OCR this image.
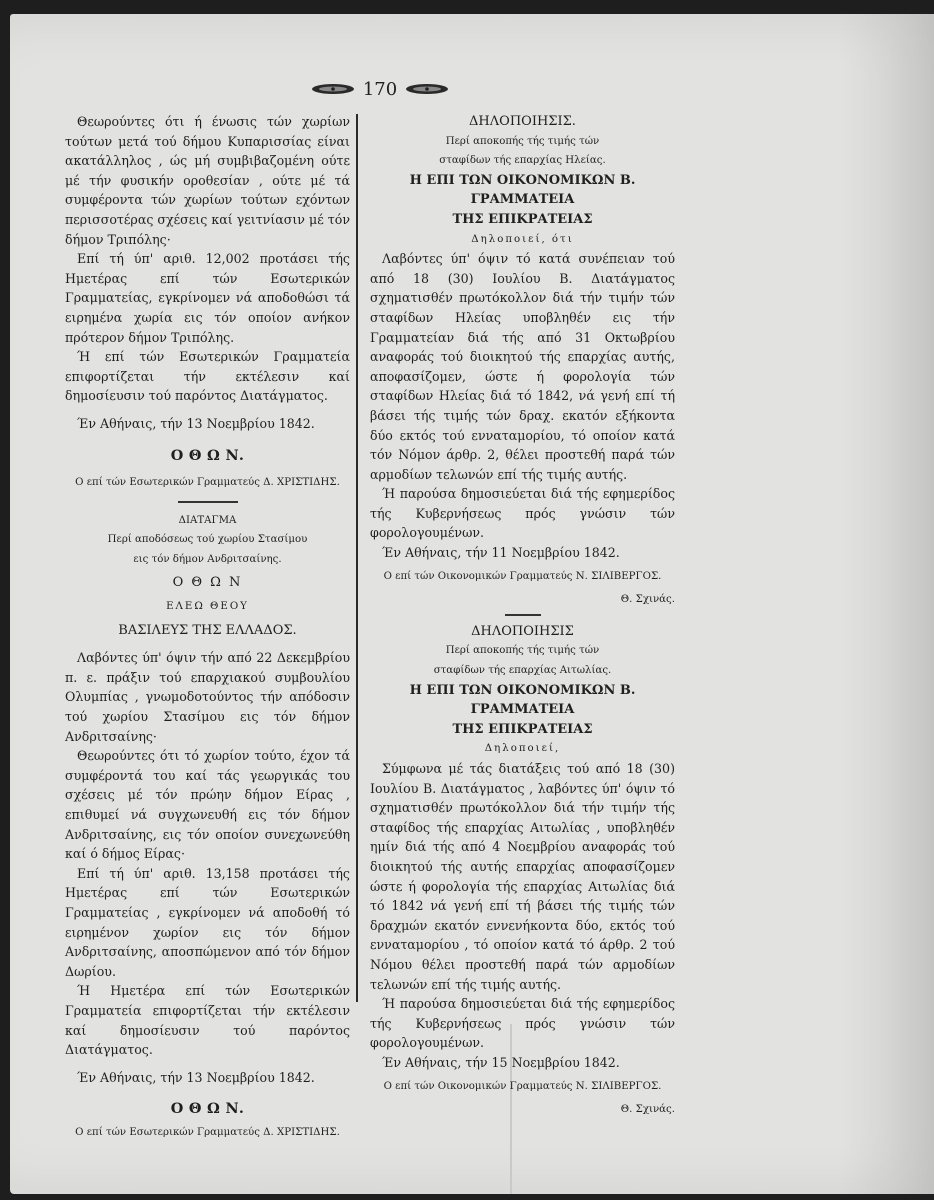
170

Θεωρούντες ότι ή ένωσις τών χωρίων τούτων μετά τού δήμου Κυπαρισσίας είναι ακατάλληλος , ώς μή συμβιβαζομένη ούτε μέ τήν φυσικήν οροθεσίαν , ούτε μέ τά συμφέροντα τών χωρίων τούτων εχόντων περισσοτέρας σχέσεις καί γειτνίασιν μέ τόν δήμον Τριπόλης·

Επί τή ύπ' αριθ. 12,002 προτάσει τής Ημετέρας επί τών Εσωτερικών Γραμματείας, εγκρίνομεν νά αποδοθώσι τά ειρημένα χωρία εις τόν οποίον ανήκον πρότερον δήμον Τριπόλης.

Ή επί τών Εσωτερικών Γραμματεία επιφορτίζεται τήν εκτέλεσιν καί δημοσίευσιν τού παρόντος Διατάγματος.

Έν Αθήναις, τήν 13 Νοεμβρίου 1842.

Ο Θ Ω Ν.

Ο επί τών Εσωτερικών Γραμματεύς Δ. ΧΡΙΣΤΙΔΗΣ.

ΔΙΑΤΑΓΜΑ

Περί αποδόσεως τού χωρίου Στασίμου εις τόν δήμον Ανδριτσαίνης.

Ο Θ Ω Ν

ΕΛΕΩ ΘΕΟΥ

ΒΑΣΙΛΕΥΣ ΤΗΣ ΕΛΛΑΔΟΣ.

Λαβόντες ύπ' όψιν τήν από 22 Δεκεμβρίου π. ε. πράξιν τού επαρχιακού συμβουλίου Ολυμπίας , γνωμοδοτούντος τήν απόδοσιν τού χωρίου Στασίμου εις τόν δήμον Ανδριτσαίνης·

Θεωρούντες ότι τό χωρίον τούτο, έχον τά συμφέροντά του καί τάς γεωργικάς του σχέσεις μέ τόν πρώην δήμον Είρας , επιθυμεί νά συγχωνευθή εις τόν δήμον Ανδριτσαίνης, εις τόν οποίον συνεχωνεύθη καί ό δήμος Είρας·

Επί τή ύπ' αριθ. 13,158 προτάσει τής Ημετέρας επί τών Εσωτερικών Γραμματείας , εγκρίνομεν νά αποδοθή τό ειρημένον χωρίον εις τόν δήμον Ανδριτσαίνης, αποσπώμενον από τόν δήμον Δωρίου.

Ή Ημετέρα επί τών Εσωτερικών Γραμματεία επιφορτίζεται τήν εκτέλεσιν καί δημοσίευσιν τού παρόντος Διατάγματος.

Έν Αθήναις, τήν 13 Νοεμβρίου 1842.

Ο Θ Ω Ν.

Ο επί τών Εσωτερικών Γραμματεύς Δ. ΧΡΙΣΤΙΔΗΣ.

ΔΗΛΟΠΟΙΗΣΙΣ.

Περί αποκοπής τής τιμής τών σταφίδων τής επαρχίας Ηλείας.

Η ΕΠΙ ΤΩΝ ΟΙΚΟΝΟΜΙΚΩΝ Β. ΓΡΑΜΜΑΤΕΙΑ

ΤΗΣ ΕΠΙΚΡΑΤΕΙΑΣ

Δηλοποιεί, ότι

Λαβόντες ύπ' όψιν τό κατά συνέπειαν τού από 18 (30) Ιουλίου Β. Διατάγματος σχηματισθέν πρωτόκολλον διά τήν τιμήν τών σταφίδων Ηλείας υποβληθέν εις τήν Γραμματείαν διά τής από 31 Οκτωβρίου αναφοράς τού διοικητού τής επαρχίας αυτής, αποφασίζομεν, ώστε ή φορολογία τών σταφίδων Ηλείας διά τό 1842, νά γενή επί τή βάσει τής τιμής τών δραχ. εκατόν εξήκοντα δύο εκτός τού ενναταμορίου, τό οποίον κατά τόν Νόμον άρθρ. 2, θέλει προστεθή παρά τών αρμοδίων τελωνών επί τής τιμής αυτής.

Ή παρούσα δημοσιεύεται διά τής εφημερίδος τής Κυβερνήσεως πρός γνώσιν τών φορολογουμένων.

Έν Αθήναις, τήν 11 Νοεμβρίου 1842.

Ο επί τών Οικονομικών Γραμματεύς Ν. ΣΙΛΙΒΕΡΓΟΣ.

Θ. Σχινάς.

ΔΗΛΟΠΟΙΗΣΙΣ

Περί αποκοπής τής τιμής τών σταφίδων τής επαρχίας Αιτωλίας.

Η ΕΠΙ ΤΩΝ ΟΙΚΟΝΟΜΙΚΩΝ Β. ΓΡΑΜΜΑΤΕΙΑ

ΤΗΣ ΕΠΙΚΡΑΤΕΙΑΣ

Δηλοποιεί,

Σύμφωνα μέ τάς διατάξεις τού από 18 (30) Ιουλίου Β. Διατάγματος , λαβόντες ύπ' όψιν τό σχηματισθέν πρωτόκολλον διά τήν τιμήν τής σταφίδος τής επαρχίας Αιτωλίας , υποβληθέν ημίν διά τής από 4 Νοεμβρίου αναφοράς τού διοικητού τής αυτής επαρχίας αποφασίζομεν ώστε ή φορολογία τής επαρχίας Αιτωλίας διά τό 1842 νά γενή επί τή βάσει τής τιμής τών δραχμών εκατόν εννενήκοντα δύο, εκτός τού ενναταμορίου , τό οποίον κατά τό άρθρ. 2 τού Νόμου θέλει προστεθή παρά τών αρμοδίων τελωνών επί τής τιμής αυτής.

Ή παρούσα δημοσιεύεται διά τής εφημερίδος τής Κυβερνήσεως πρός γνώσιν τών φορολογουμένων.

Έν Αθήναις, τήν 15 Νοεμβρίου 1842.

Ο επί τών Οικονομικών Γραμματεύς Ν. ΣΙΛΙΒΕΡΓΟΣ.

Θ. Σχινάς.
